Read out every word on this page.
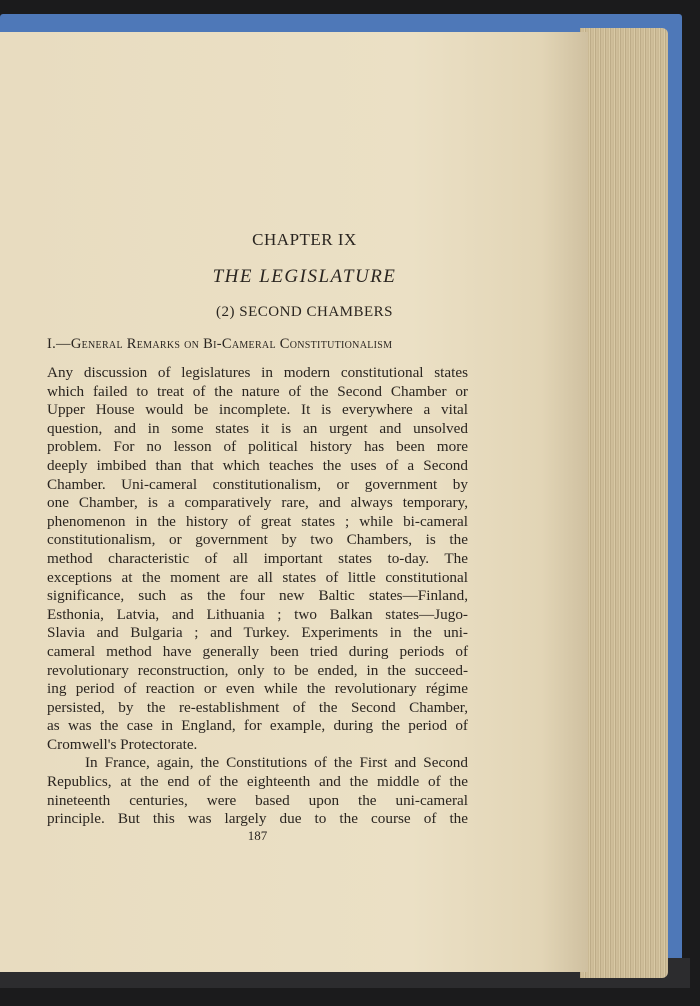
CHAPTER IX
THE LEGISLATURE
(2) SECOND CHAMBERS
I.—General Remarks on Bi-Cameral Constitutionalism
Any discussion of legislatures in modern constitutional states
which failed to treat of the nature of the Second Chamber or
Upper House would be incomplete. It is everywhere a vital
question, and in some states it is an urgent and unsolved
problem. For no lesson of political history has been more
deeply imbibed than that which teaches the uses of a Second
Chamber. Uni-cameral constitutionalism, or government by
one Chamber, is a comparatively rare, and always temporary,
phenomenon in the history of great states ; while bi-cameral
constitutionalism, or government by two Chambers, is the
method characteristic of all important states to-day. The
exceptions at the moment are all states of little constitutional
significance, such as the four new Baltic states—Finland,
Esthonia, Latvia, and Lithuania ; two Balkan states—Jugo-
Slavia and Bulgaria ; and Turkey. Experiments in the uni-
cameral method have generally been tried during periods of
revolutionary reconstruction, only to be ended, in the succeed-
ing period of reaction or even while the revolutionary régime
persisted, by the re-establishment of the Second Chamber,
as was the case in England, for example, during the period of
Cromwell's Protectorate.
In France, again, the Constitutions of the First and Second
Republics, at the end of the eighteenth and the middle of the
nineteenth centuries, were based upon the uni-cameral
principle. But this was largely due to the course of the
187
